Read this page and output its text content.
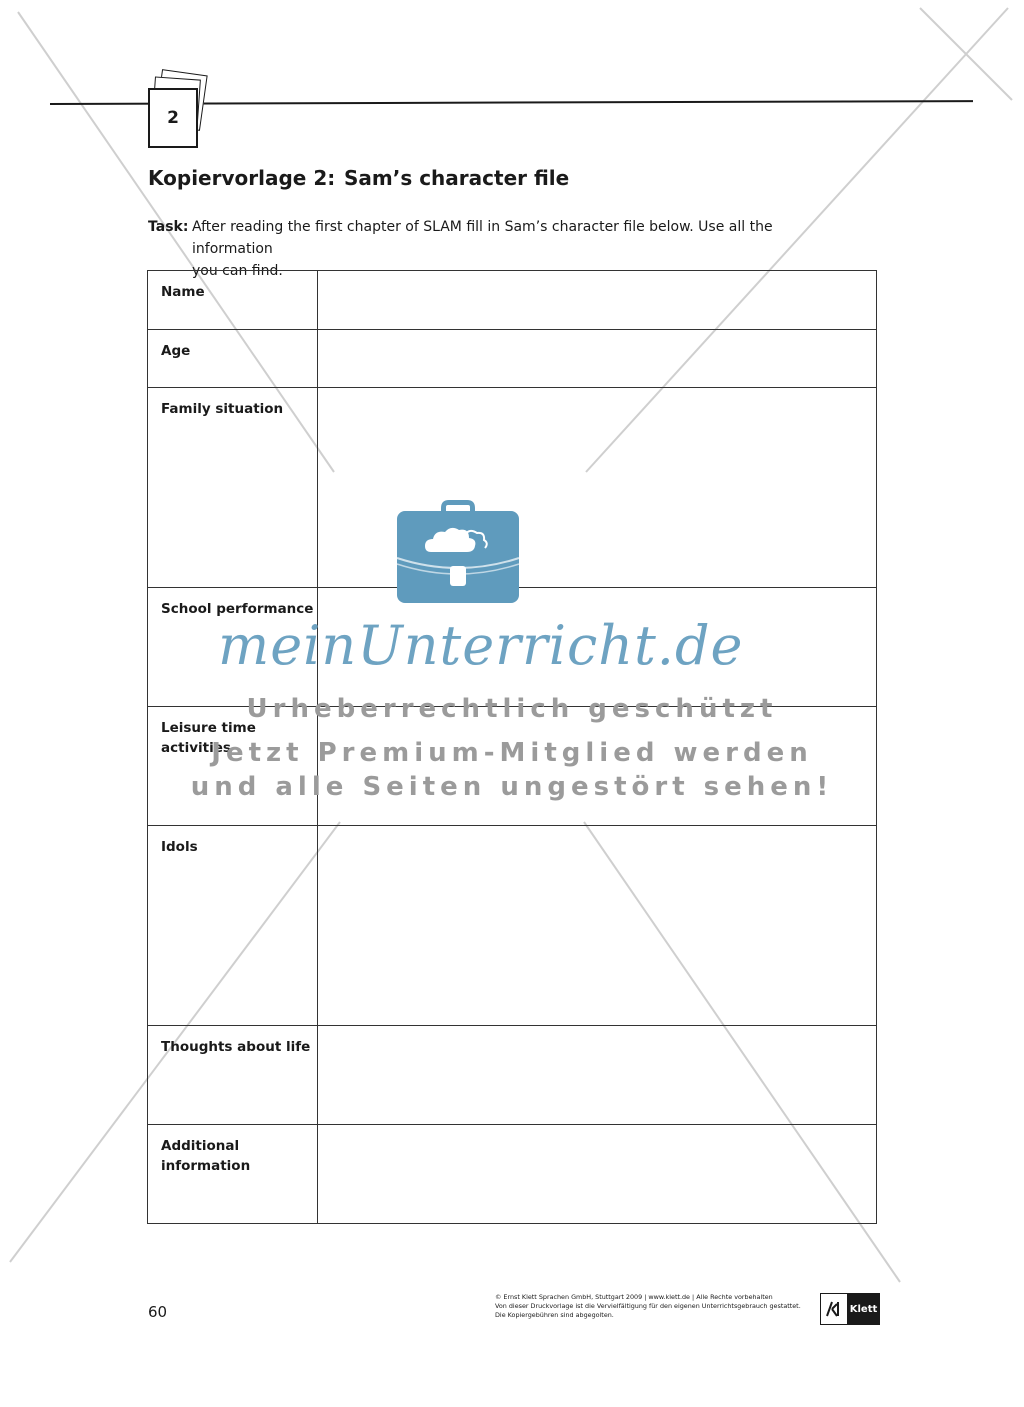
2
Kopiervorlage 2: Sam’s character file
Task: After reading the first chapter of SLAM fill in Sam’s character file below. Use all the information
you can find.
Name	

Age	

Family situation	

School performance	

Leisure time
activities	

Idols	

Thoughts about life	

Additional
information	

meinUnterricht.de
Urheberrechtlich geschützt
Jetzt Premium-Mitglied werden
und alle Seiten ungestört sehen!
60
© Ernst Klett Sprachen GmbH, Stuttgart 2009 | www.klett.de | Alle Rechte vorbehalten
Von dieser Druckvorlage ist die Vervielfältigung für den eigenen Unterrichtsgebrauch gestattet.
Die Kopiergebühren sind abgegolten.
Klett
